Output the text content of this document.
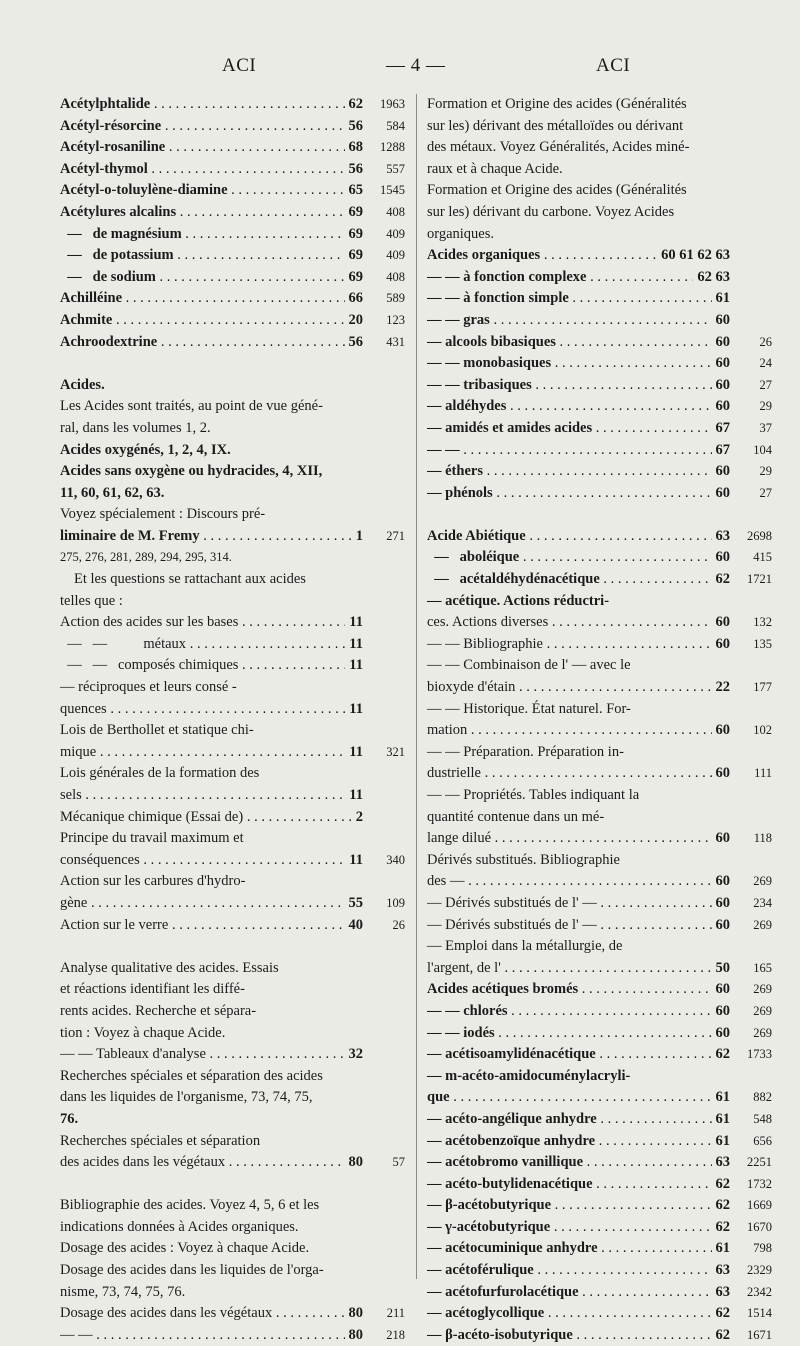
ACI	— 4 —	ACI
Acétylphtalide . . .	62	1963
Acétyl-résorcine . . .	56	584
Acétyl-rosaniline . . .	68	1288
Acétyl-thymol . . .	56	557
Acétyl-o-toluylène-diamine . . .	65	1545
Acétylures alcalins . . .	69	408
—   de magnésium . . .	69	409
—   de potassium . . .	69	409
—   de sodium . . .	69	408
Achilléine . . .	66	589
Achmite . . .	20	123
Achroodextrine . . .	56	431
Acides.
Les Acides sont traités, au point de vue géné-
ral, dans les volumes 1, 2.
Acides oxygénés, 1, 2, 4, IX.
Acides sans oxygène ou hydracides, 4, XII,
11, 60, 61, 62, 63.
Voyez spécialement : Discours pré-
liminaire de M. Fremy . . .	1	271
275, 276, 281, 289, 294, 295, 314.
Et les questions se rattachant aux acides
telles que :
Action des acides sur les bases . . .	11
—   —          métaux . . .	11
—   —   composés chimiques . . .	11
— réciproques et leurs consé -
quences . . .	11
Lois de Berthollet et statique chi-
mique . . .	11	321
Lois générales de la formation des
sels . . .	11
Mécanique chimique (Essai de) . . .	2
Principe du travail maximum et
conséquences . . .	11	340
Action sur les carbures d'hydro-
gène . . .	55	109
Action sur le verre . . .	40	26
Analyse qualitative des acides. Essais
et réactions identifiant les diffé-
rents acides. Recherche et sépara-
tion : Voyez à chaque Acide.
— — Tableaux d'analyse . . .	32
Recherches spéciales et séparation des acides
dans les liquides de l'organisme, 73, 74, 75,
76.
Recherches spéciales et séparation
des acides dans les végétaux . . .	80	57
Bibliographie des acides. Voyez 4, 5, 6 et les
indications données à Acides organiques.
Dosage des acides : Voyez à chaque Acide.
Dosage des acides dans les liquides de l'orga-
nisme, 73, 74, 75, 76.
Dosage des acides dans les végétaux . . .	80	211
— — . . .	80	218
Formation et Origine des acides (Généralités
sur les) dérivant des métalloïdes ou dérivant
des métaux. Voyez Généralités, Acides miné-
raux et à chaque Acide.
Formation et Origine des acides (Généralités
sur les) dérivant du carbone. Voyez Acides
organiques.
Acides organiques . . .	60 61 62 63
— — à fonction complexe . . .	62 63
— — à fonction simple . . .	61
— — gras . . .	60
— alcools bibasiques . . .	60	26
— — monobasiques . . .	60	24
— — tribasiques . . .	60	27
— aldéhydes . . .	60	29
— amidés et amides acides . . .	67	37
— — . . .	67	104
— éthers . . .	60	29
— phénols . . .	60	27
Acide Abiétique . . .	63	2698
—   aboléique . . .	60	415
—   acétaldéhydénacétique . . .	62	1721
— acétique. Actions réductri-
ces. Actions diverses . . .	60	132
— — Bibliographie . . .	60	135
— — Combinaison de l' — avec le
bioxyde d'étain . . .	22	177
— — Historique. État naturel. For-
mation . . .	60	102
— — Préparation. Préparation in-
dustrielle . . .	60	111
— — Propriétés. Tables indiquant la
quantité contenue dans un mé-
lange dilué . . .	60	118
Dérivés substitués. Bibliographie
des — . . .	60	269
— Dérivés substitués de l' — . . .	60	234
— Dérivés substitués de l' — . . .	60	269
— Emploi dans la métallurgie, de
l'argent, de l' . . .	50	165
Acides acétiques bromés . . .	60	269
— — chlorés . . .	60	269
— — iodés . . .	60	269
— acétisoamylidénacétique . . .	62	1733
— m-acéto-amidocuménylacryli-
que . . .	61	882
— acéto-angélique anhydre . . .	61	548
— acétobenzoïque anhydre . . .	61	656
— acétobromo vanillique . . .	63	2251
— acéto-butylidenacétique . . .	62	1732
— β-acétobutyrique . . .	62	1669
— γ-acétobutyrique . . .	62	1670
— acétocuminique anhydre . . .	61	798
— acétoférulique . . .	63	2329
— acétofurfurolacétique . . .	63	2342
— acétoglycollique . . .	62	1514
— β-acéto-isobutyrique . . .	62	1671
